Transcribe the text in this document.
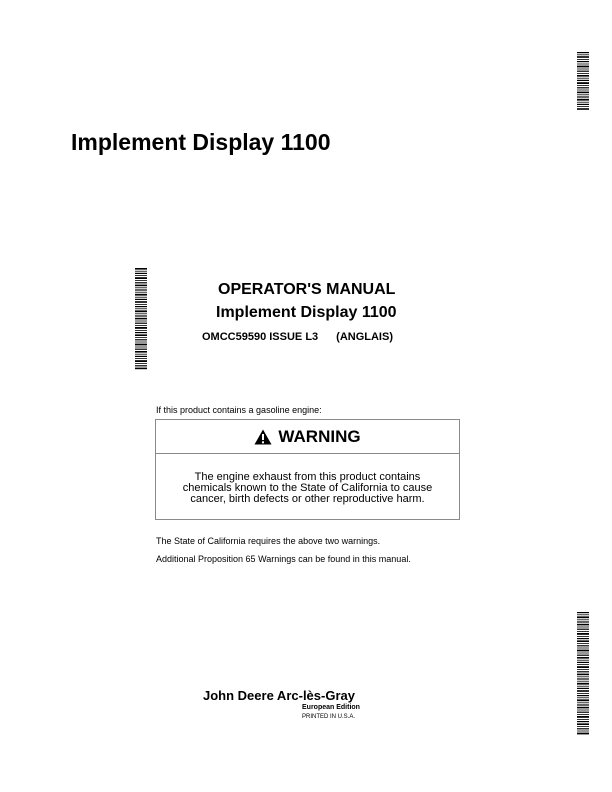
Implement Display 1100
OPERATOR'S MANUAL
Implement Display 1100
OMCC59590 ISSUE L3 (ANGLAIS)
If this product contains a gasoline engine:
WARNING
The engine exhaust from this product contains
chemicals known to the State of California to cause
cancer, birth defects or other reproductive harm.
The State of California requires the above two warnings.
Additional Proposition 65 Warnings can be found in this manual.
John Deere Arc-lès-Gray
European Edition
PRINTED IN U.S.A.
